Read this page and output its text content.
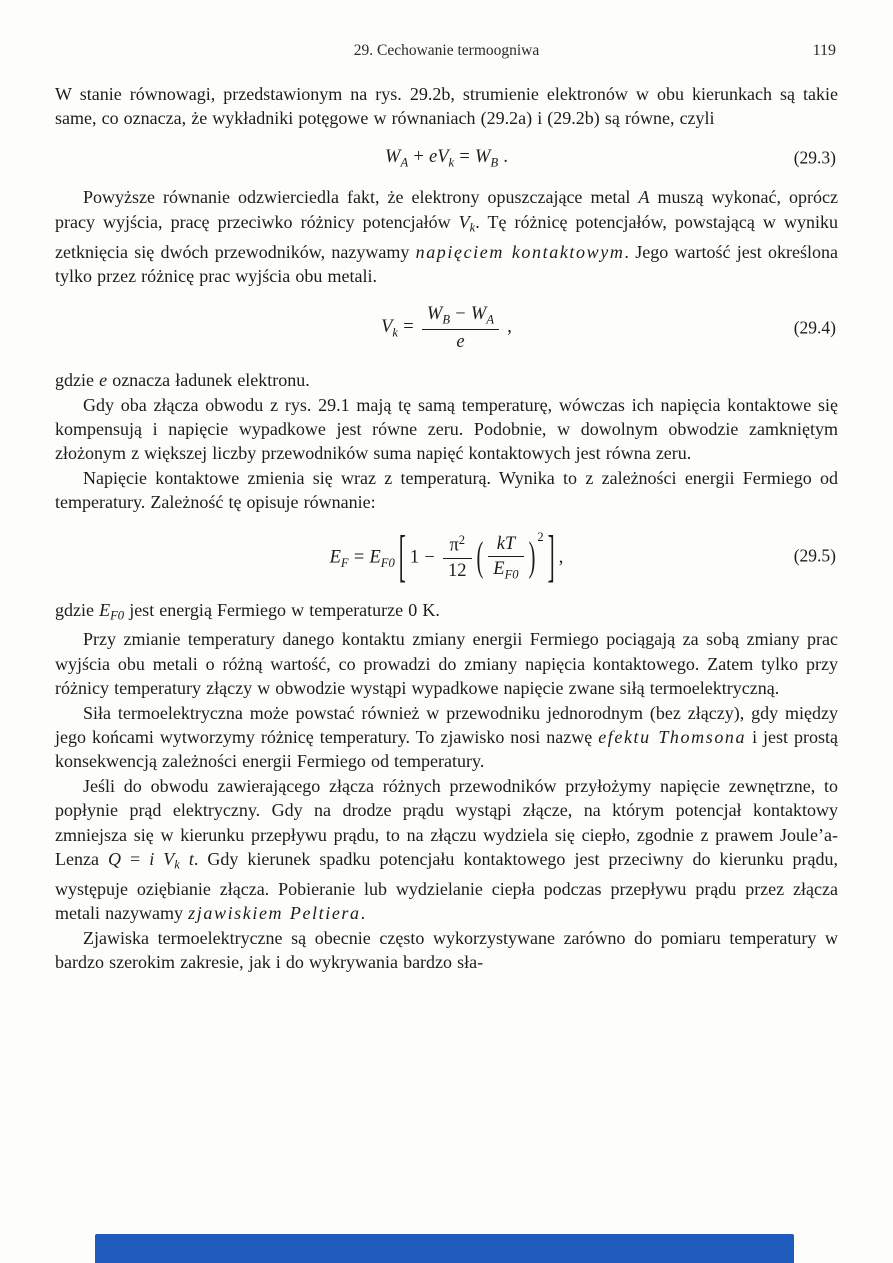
29. Cechowanie termoogniwa	119

W stanie równowagi, przedstawionym na rys. 29.2b, strumienie elektronów w obu kierunkach są takie same, co oznacza, że wykładniki potęgowe w równaniach (29.2a) i (29.2b) są równe, czyli

$W_A + eV_k = W_B$ .	(29.3)

Powyższe równanie odzwierciedla fakt, że elektrony opuszczające metal A muszą wykonać, oprócz pracy wyjścia, pracę przeciwko różnicy potencjałów Vk. Tę różnicę potencjałów, powstającą w wyniku zetknięcia się dwóch przewodników, nazywamy napięciem kontaktowym. Jego wartość jest określona tylko przez różnicę prac wyjścia obu metali.

$V_k = \frac{W_B - W_A}{e}$ ,	(29.4)

gdzie e oznacza ładunek elektronu.

Gdy oba złącza obwodu z rys. 29.1 mają tę samą temperaturę, wówczas ich napięcia kontaktowe się kompensują i napięcie wypadkowe jest równe zeru. Podobnie, w dowolnym obwodzie zamkniętym złożonym z większej liczby przewodników suma napięć kontaktowych jest równa zeru.

Napięcie kontaktowe zmienia się wraz z temperaturą. Wynika to z zależności energii Fermiego od temperatury. Zależność tę opisuje równanie:

$E_F = E_{F0}$ [ $1 - \frac{\pi^2}{12}$ ( $\frac{kT}{E_{F0}}$ ) $^2$ ] ,	(29.5)

gdzie EF0 jest energią Fermiego w temperaturze 0 K.

Przy zmianie temperatury danego kontaktu zmiany energii Fermiego pociągają za sobą zmiany prac wyjścia obu metali o różną wartość, co prowadzi do zmiany napięcia kontaktowego. Zatem tylko przy różnicy temperatury złączy w obwodzie wystąpi wypadkowe napięcie zwane siłą termoelektryczną.

Siła termoelektryczna może powstać również w przewodniku jednorodnym (bez złączy), gdy między jego końcami wytworzymy różnicę temperatury. To zjawisko nosi nazwę efektu Thomsona i jest prostą konsekwencją zależności energii Fermiego od temperatury.

Jeśli do obwodu zawierającego złącza różnych przewodników przyłożymy napięcie zewnętrzne, to popłynie prąd elektryczny. Gdy na drodze prądu wystąpi złącze, na którym potencjał kontaktowy zmniejsza się w kierunku przepływu prądu, to na złączu wydziela się ciepło, zgodnie z prawem Joule’a-Lenza Q = i Vk t. Gdy kierunek spadku potencjału kontaktowego jest przeciwny do kierunku prądu, występuje oziębianie złącza. Pobieranie lub wydzielanie ciepła podczas przepływu prądu przez złącza metali nazywamy zjawiskiem Peltiera.

Zjawiska termoelektryczne są obecnie często wykorzystywane zarówno do pomiaru temperatury w bardzo szerokim zakresie, jak i do wykrywania bardzo sła-
